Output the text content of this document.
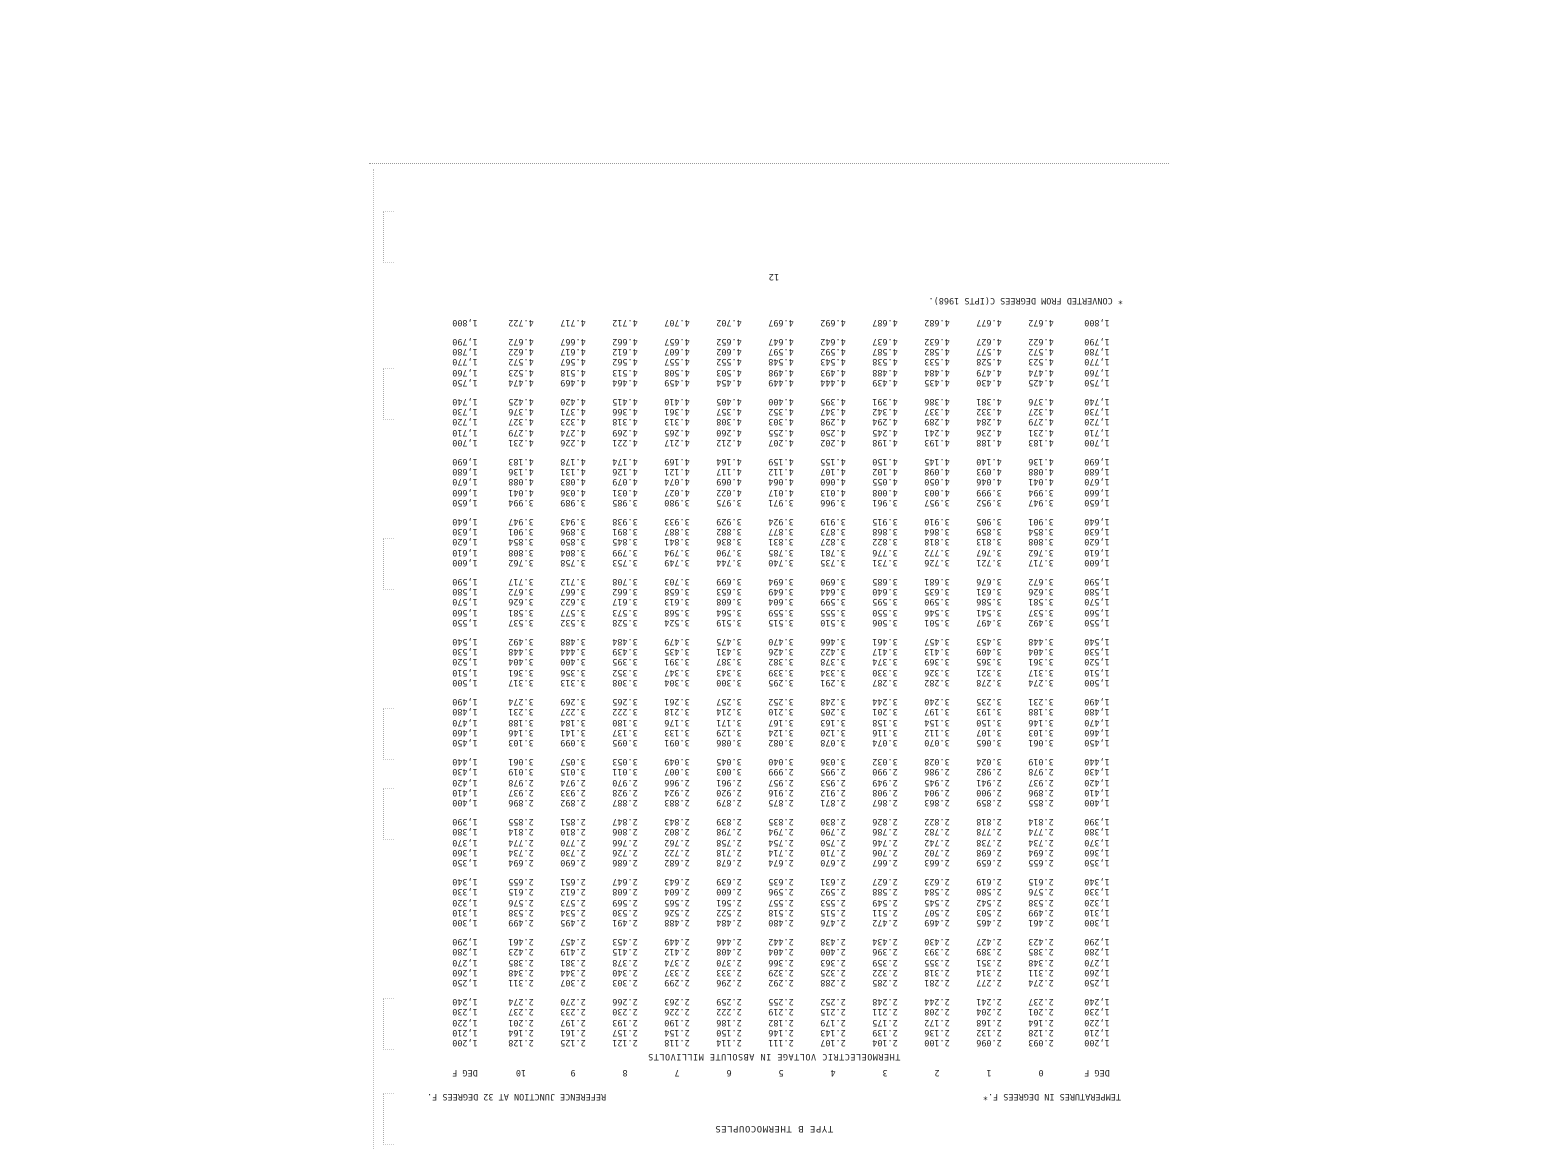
TYPE B THERMOCOUPLES
TEMPERATURES IN DEGREES F.*
REFERENCE JUNCTION AT 32 DEGREES F.
DEG F
0
1
2
3
4
5
6
7
8
9
10
DEG F
THERMOELECTRIC VOLTAGE IN ABSOLUTE MILLIVOLTS
1,200
2.093
2.096
2.100
2.104
2.107
2.111
2.114
2.118
2.121
2.125
2.128
1,200
1,210
2.128
2.132
2.136
2.139
2.143
2.146
2.150
2.154
2.157
2.161
2.164
1,210
1,220
2.164
2.168
2.172
2.175
2.179
2.182
2.186
2.190
2.193
2.197
2.201
1,220
1,230
2.201
2.204
2.208
2.211
2.215
2.219
2.222
2.226
2.230
2.233
2.237
1,230
1,240
2.237
2.241
2.244
2.248
2.252
2.255
2.259
2.263
2.266
2.270
2.274
1,240
1,250
2.274
2.277
2.281
2.285
2.288
2.292
2.296
2.299
2.303
2.307
2.311
1,250
1,260
2.311
2.314
2.318
2.322
2.325
2.329
2.333
2.337
2.340
2.344
2.348
1,260
1,270
2.348
2.351
2.355
2.359
2.363
2.366
2.370
2.374
2.378
2.381
2.385
1,270
1,280
2.385
2.389
2.393
2.396
2.400
2.404
2.408
2.412
2.415
2.419
2.423
1,280
1,290
2.423
2.427
2.430
2.434
2.438
2.442
2.446
2.449
2.453
2.457
2.461
1,290
1,300
2.461
2.465
2.469
2.472
2.476
2.480
2.484
2.488
2.491
2.495
2.499
1,300
1,310
2.499
2.503
2.507
2.511
2.515
2.518
2.522
2.526
2.530
2.534
2.538
1,310
1,320
2.538
2.542
2.545
2.549
2.553
2.557
2.561
2.565
2.569
2.573
2.576
1,320
1,330
2.576
2.580
2.584
2.588
2.592
2.596
2.600
2.604
2.608
2.612
2.615
1,330
1,340
2.615
2.619
2.623
2.627
2.631
2.635
2.639
2.643
2.647
2.651
2.655
1,340
1,350
2.655
2.659
2.663
2.667
2.670
2.674
2.678
2.682
2.686
2.690
2.694
1,350
1,360
2.694
2.698
2.702
2.706
2.710
2.714
2.718
2.722
2.726
2.730
2.734
1,360
1,370
2.734
2.738
2.742
2.746
2.750
2.754
2.758
2.762
2.766
2.770
2.774
1,370
1,380
2.774
2.778
2.782
2.786
2.790
2.794
2.798
2.802
2.806
2.810
2.814
1,380
1,390
2.814
2.818
2.822
2.826
2.830
2.835
2.839
2.843
2.847
2.851
2.855
1,390
1,400
2.855
2.859
2.863
2.867
2.871
2.875
2.879
2.883
2.887
2.892
2.896
1,400
1,410
2.896
2.900
2.904
2.908
2.912
2.916
2.920
2.924
2.928
2.933
2.937
1,410
1,420
2.937
2.941
2.945
2.949
2.953
2.957
2.961
2.966
2.970
2.974
2.978
1,420
1,430
2.978
2.982
2.986
2.990
2.995
2.999
3.003
3.007
3.011
3.015
3.019
1,430
1,440
3.019
3.024
3.028
3.032
3.036
3.040
3.045
3.049
3.053
3.057
3.061
1,440
1,450
3.061
3.065
3.070
3.074
3.078
3.082
3.086
3.091
3.095
3.099
3.103
1,450
1,460
3.103
3.107
3.112
3.116
3.120
3.124
3.129
3.133
3.137
3.141
3.146
1,460
1,470
3.146
3.150
3.154
3.158
3.163
3.167
3.171
3.176
3.180
3.184
3.188
1,470
1,480
3.188
3.193
3.197
3.201
3.205
3.210
3.214
3.218
3.222
3.227
3.231
1,480
1,490
3.231
3.235
3.240
3.244
3.248
3.252
3.257
3.261
3.265
3.269
3.274
1,490
1,500
3.274
3.278
3.282
3.287
3.291
3.295
3.300
3.304
3.308
3.313
3.317
1,500
1,510
3.317
3.321
3.326
3.330
3.334
3.339
3.343
3.347
3.352
3.356
3.361
1,510
1,520
3.361
3.365
3.369
3.374
3.378
3.382
3.387
3.391
3.395
3.400
3.404
1,520
1,530
3.404
3.409
3.413
3.417
3.422
3.426
3.431
3.435
3.439
3.444
3.448
1,530
1,540
3.448
3.453
3.457
3.461
3.466
3.470
3.475
3.479
3.484
3.488
3.492
1,540
1,550
3.492
3.497
3.501
3.506
3.510
3.515
3.519
3.524
3.528
3.532
3.537
1,550
1,560
3.537
3.541
3.546
3.550
3.555
3.559
3.564
3.568
3.573
3.577
3.581
1,560
1,570
3.581
3.586
3.590
3.595
3.599
3.604
3.608
3.613
3.617
3.622
3.626
1,570
1,580
3.626
3.631
3.635
3.640
3.644
3.649
3.653
3.658
3.662
3.667
3.672
1,580
1,590
3.672
3.676
3.681
3.685
3.690
3.694
3.699
3.703
3.708
3.712
3.717
1,590
1,600
3.717
3.721
3.726
3.731
3.735
3.740
3.744
3.749
3.753
3.758
3.762
1,600
1,610
3.762
3.767
3.772
3.776
3.781
3.785
3.790
3.794
3.799
3.804
3.808
1,610
1,620
3.808
3.813
3.818
3.822
3.827
3.831
3.836
3.841
3.845
3.850
3.854
1,620
1,630
3.854
3.859
3.864
3.868
3.873
3.877
3.882
3.887
3.891
3.896
3.901
1,630
1,640
3.901
3.905
3.910
3.915
3.919
3.924
3.929
3.933
3.938
3.943
3.947
1,640
1,650
3.947
3.952
3.957
3.961
3.966
3.971
3.975
3.980
3.985
3.989
3.994
1,650
1,660
3.994
3.999
4.003
4.008
4.013
4.017
4.022
4.027
4.031
4.036
4.041
1,660
1,670
4.041
4.046
4.050
4.055
4.060
4.064
4.069
4.074
4.079
4.083
4.088
1,670
1,680
4.088
4.093
4.098
4.102
4.107
4.112
4.117
4.121
4.126
4.131
4.136
1,680
1,690
4.136
4.140
4.145
4.150
4.155
4.159
4.164
4.169
4.174
4.178
4.183
1,690
1,700
4.183
4.188
4.193
4.198
4.202
4.207
4.212
4.217
4.221
4.226
4.231
1,700
1,710
4.231
4.236
4.241
4.245
4.250
4.255
4.260
4.265
4.269
4.274
4.279
1,710
1,720
4.279
4.284
4.289
4.294
4.298
4.303
4.308
4.313
4.318
4.323
4.327
1,720
1,730
4.327
4.332
4.337
4.342
4.347
4.352
4.357
4.361
4.366
4.371
4.376
1,730
1,740
4.376
4.381
4.386
4.391
4.395
4.400
4.405
4.410
4.415
4.420
4.425
1,740
1,750
4.425
4.430
4.435
4.439
4.444
4.449
4.454
4.459
4.464
4.469
4.474
1,750
1,760
4.474
4.479
4.484
4.488
4.493
4.498
4.503
4.508
4.513
4.518
4.523
1,760
1,770
4.523
4.528
4.533
4.538
4.543
4.548
4.552
4.557
4.562
4.567
4.572
1,770
1,780
4.572
4.577
4.582
4.587
4.592
4.597
4.602
4.607
4.612
4.617
4.622
1,780
1,790
4.622
4.627
4.632
4.637
4.642
4.647
4.652
4.657
4.662
4.667
4.672
1,790
1,800
4.672
4.677
4.682
4.687
4.692
4.697
4.702
4.707
4.712
4.717
4.722
1,800
* CONVERTED FROM DEGREES C(IPTS 1968).
12
